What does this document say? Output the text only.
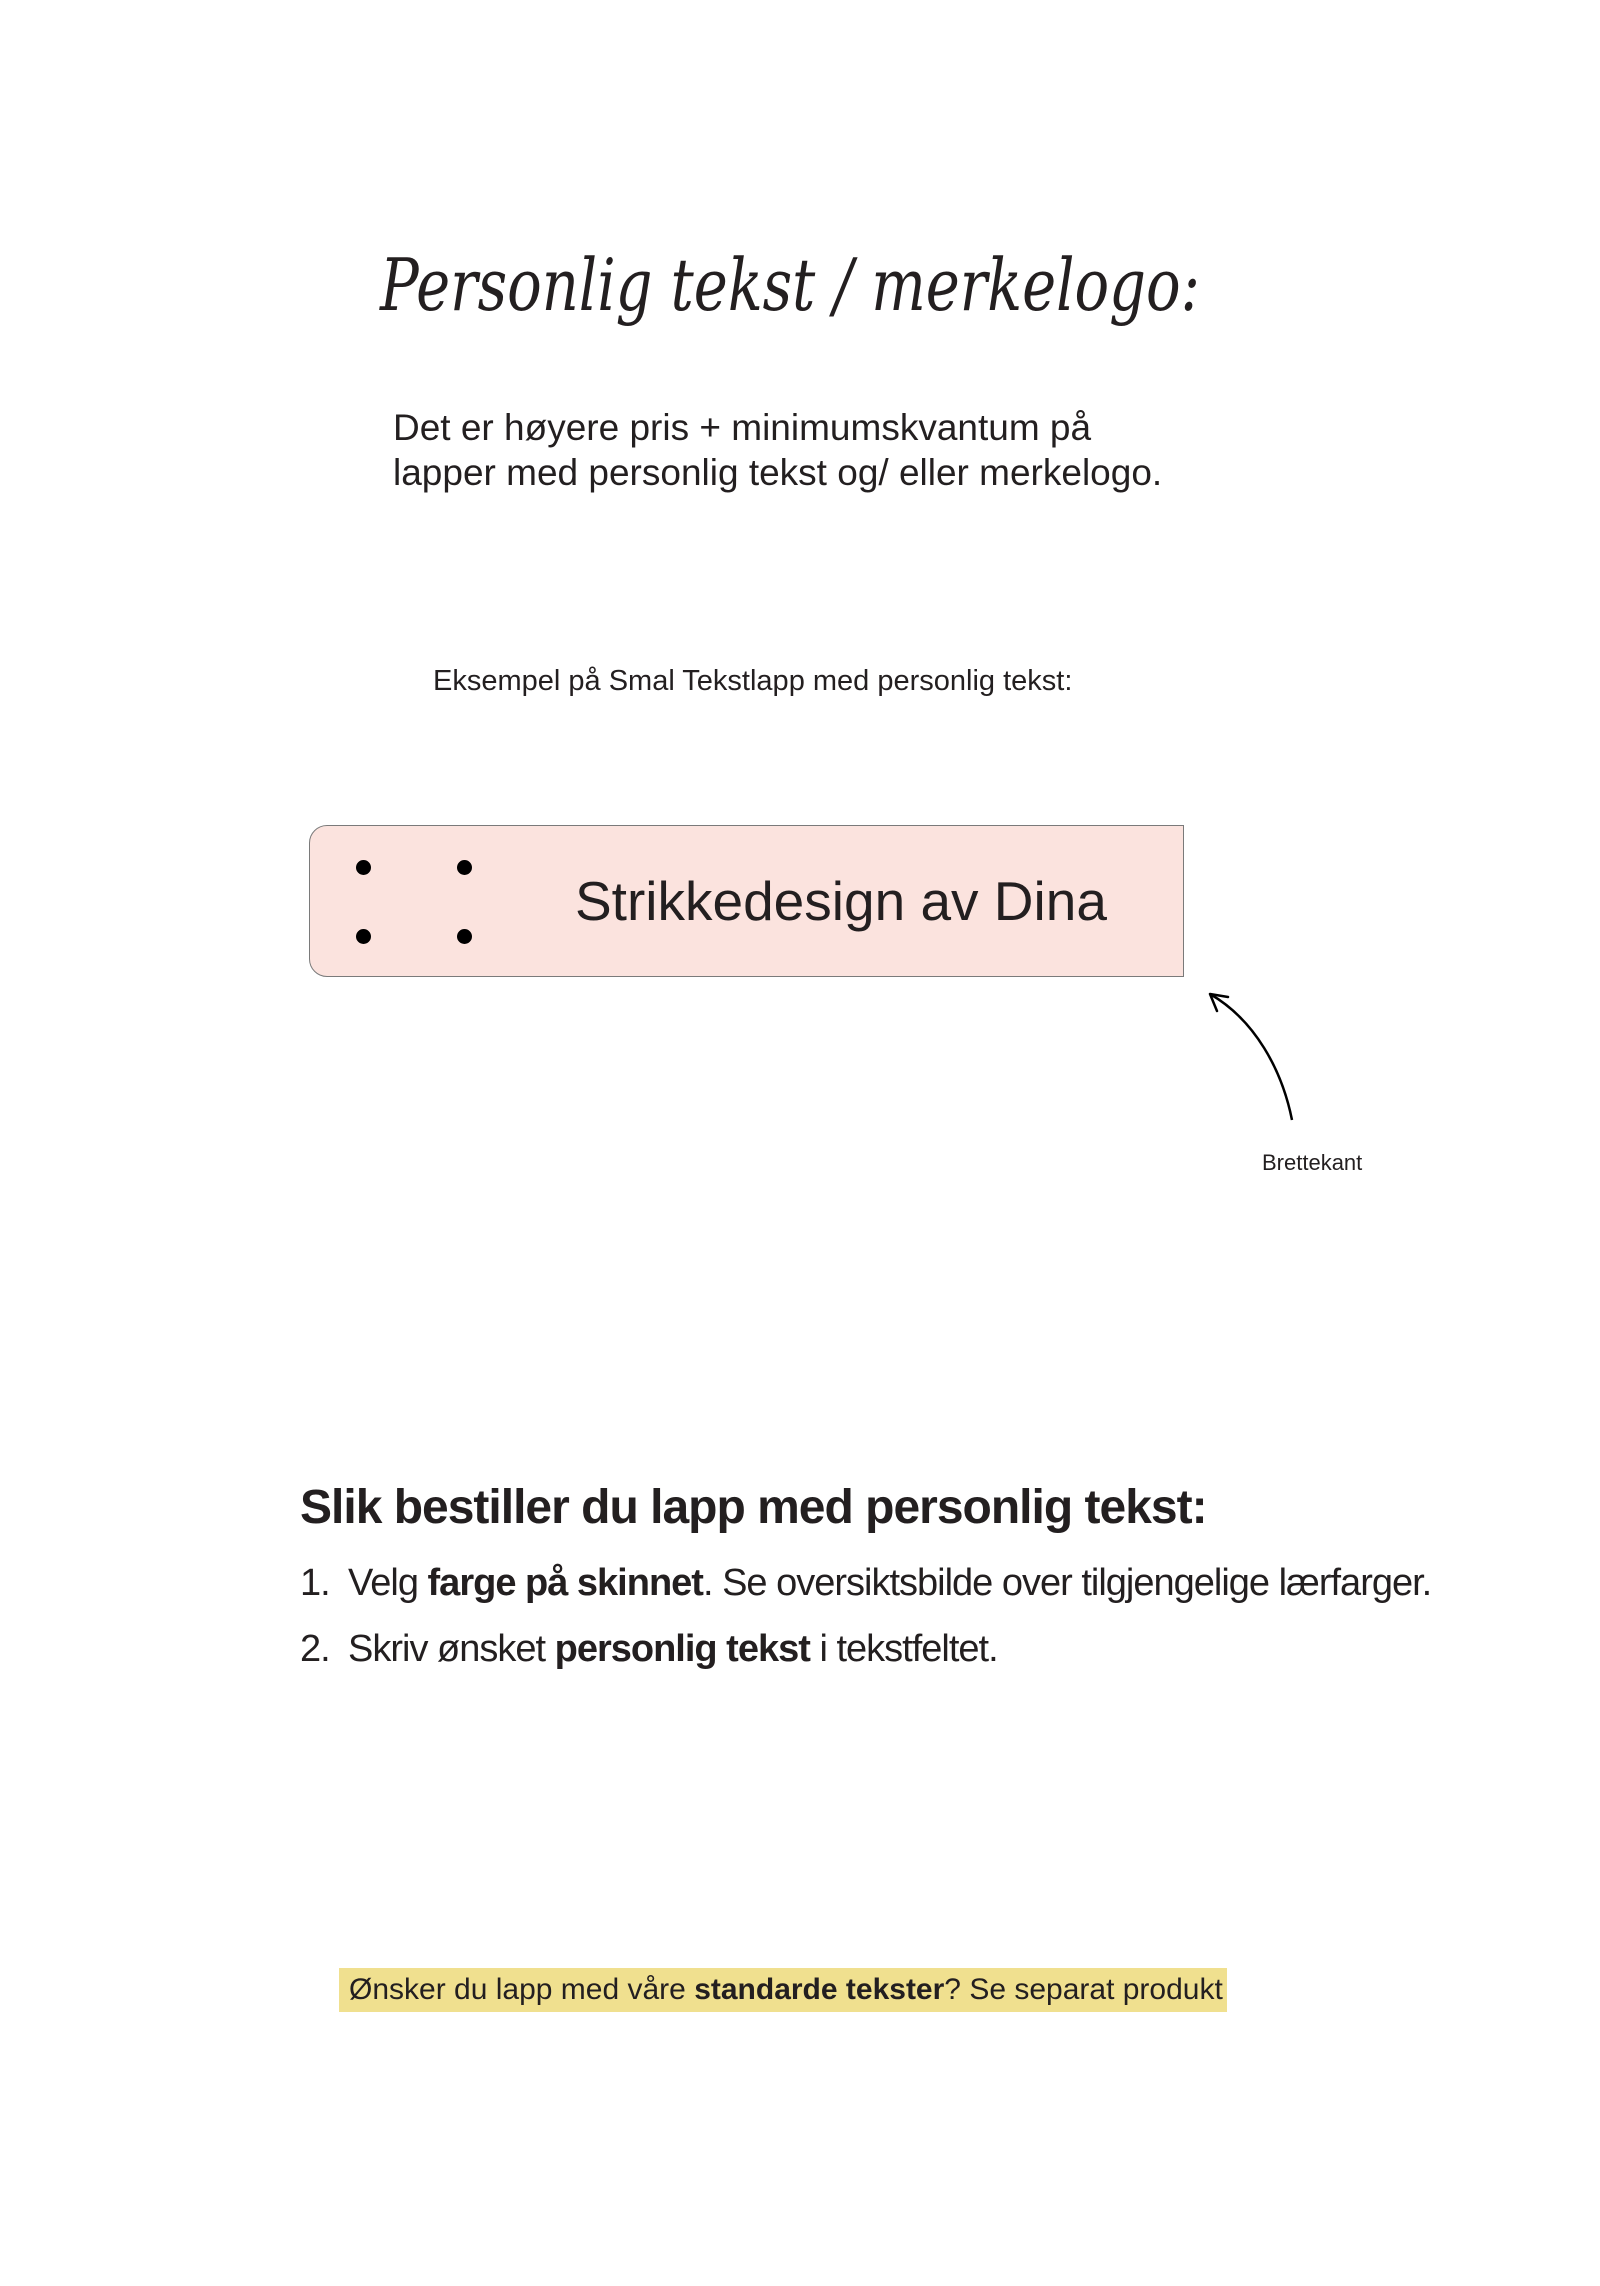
Personlig tekst / merkelogo:

Det er høyere pris + minimumskvantum på

lapper med personlig tekst og/ eller merkelogo.

Eksempel på Smal Tekstlapp med personlig tekst:
Strikkedesign av Dina
Brettekant
Slik bestiller du lapp med personlig tekst:
1. Velg farge på skinnet. Se oversiktsbilde over tilgjengelige lærfarger.
2. Skriv ønsket personlig tekst i tekstfeltet.
Ønsker du lapp med våre standarde tekster? Se separat produkt
